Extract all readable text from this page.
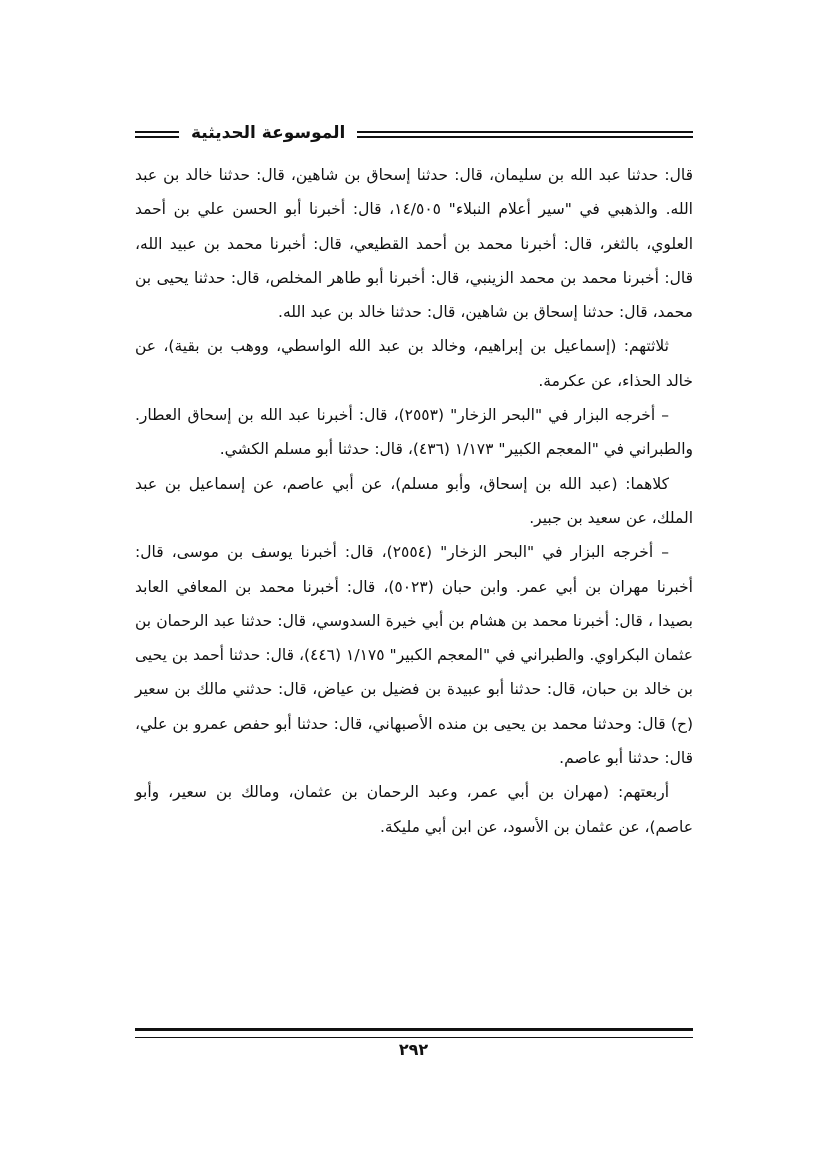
الموسوعة الحديثية

قال: حدثنا عبد الله بن سليمان، قال: حدثنا إسحاق بن شاهين، قال: حدثنا خالد بن عبد الله. والذهبي في "سير أعلام النبلاء" ١٤/٥٠٥، قال: أخبرنا أبو الحسن علي بن أحمد العلوي، بالثغر، قال: أخبرنا محمد بن أحمد القطيعي، قال: أخبرنا محمد بن عبيد الله، قال: أخبرنا محمد بن محمد الزينبي، قال: أخبرنا أبو طاهر المخلص، قال: حدثنا يحيى بن محمد، قال: حدثنا إسحاق بن شاهين، قال: حدثنا خالد بن عبد الله.

ثلاثتهم: (إسماعيل بن إبراهيم، وخالد بن عبد الله الواسطي، ووهب بن بقية)، عن خالد الحذاء، عن عكرمة.

– أخرجه البزار في "البحر الزخار" (٢٥٥٣)، قال: أخبرنا عبد الله بن إسحاق العطار. والطبراني في "المعجم الكبير" ١/١٧٣ (٤٣٦)، قال: حدثنا أبو مسلم الكشي.

كلاهما: (عبد الله بن إسحاق، وأبو مسلم)، عن أبي عاصم، عن إسماعيل بن عبد الملك، عن سعيد بن جبير.

– أخرجه البزار في "البحر الزخار" (٢٥٥٤)، قال: أخبرنا يوسف بن موسى، قال: أخبرنا مهران بن أبي عمر. وابن حبان (٥٠٢٣)، قال: أخبرنا محمد بن المعافي العابد بصيدا ، قال: أخبرنا محمد بن هشام بن أبي خيرة السدوسي، قال: حدثنا عبد الرحمان بن عثمان البكراوي. والطبراني في "المعجم الكبير" ١/١٧٥ (٤٤٦)، قال: حدثنا أحمد بن يحيى بن خالد بن حبان، قال: حدثنا أبو عبيدة بن فضيل بن عياض، قال: حدثني مالك بن سعير (ح) قال: وحدثنا محمد بن يحيى بن منده الأصبهاني، قال: حدثنا أبو حفص عمرو بن علي، قال: حدثنا أبو عاصم.

أربعتهم: (مهران بن أبي عمر، وعبد الرحمان بن عثمان، ومالك بن سعير، وأبو عاصم)، عن عثمان بن الأسود، عن ابن أبي مليكة.

٢٩٢
